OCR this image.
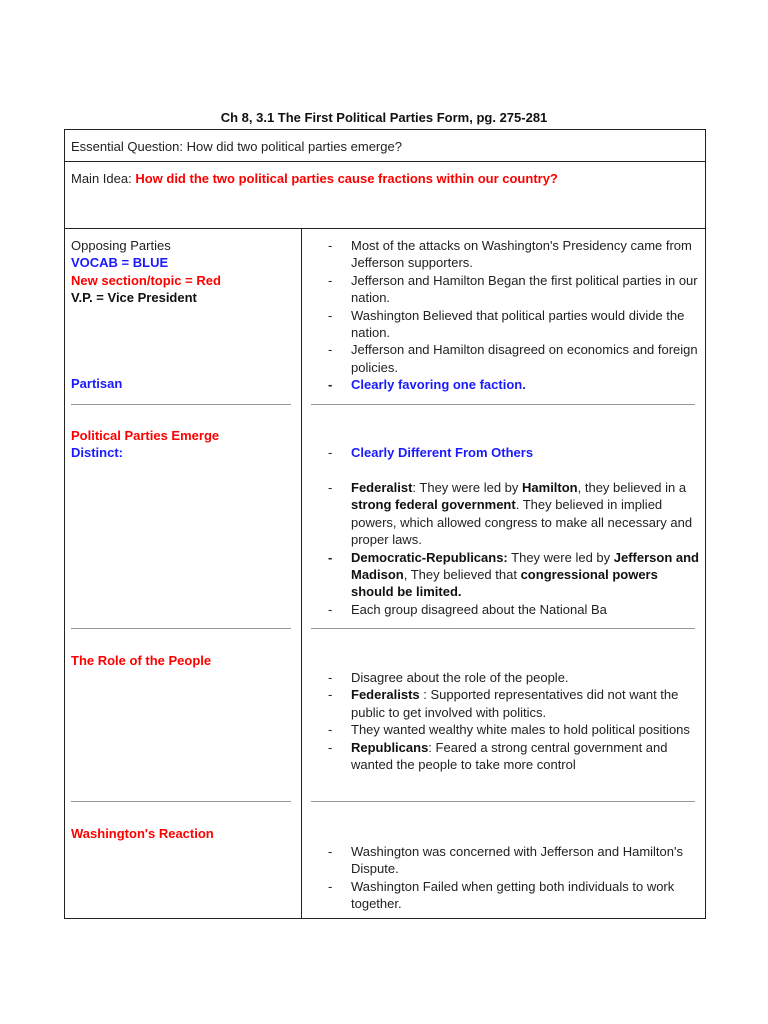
Ch 8, 3.1 The First Political Parties Form, pg. 275-281
Essential Question: How did two political parties emerge?
Main Idea: How did the two political parties cause fractions within our country?
Opposing Parties
VOCAB = BLUE
New section/topic = Red
V.P. = Vice President
Partisan
Political Parties Emerge
Distinct:
The Role of the People
Washington's Reaction
- Most of the attacks on Washington's Presidency came from Jefferson supporters.
- Jefferson and Hamilton Began the first political parties in our nation.
- Washington Believed that political parties would divide the nation.
- Jefferson and Hamilton disagreed on economics and foreign policies.
- Clearly favoring one faction.
- Clearly Different From Others
- Federalist: They were led by Hamilton, they believed in a strong federal government. They believed in implied powers, which allowed congress to make all necessary and proper laws.
- Democratic-Republicans: They were led by Jefferson and Madison, They believed that congressional powers should be limited.
- Each group disagreed about the National Ba
- Disagree about the role of the people.
- Federalists : Supported representatives did not want the public to get involved with politics.
- They wanted wealthy white males to hold political positions
- Republicans: Feared a strong central government and wanted the people to take more control
- Washington was concerned with Jefferson and Hamilton's Dispute.
- Washington Failed when getting both individuals to work together.
